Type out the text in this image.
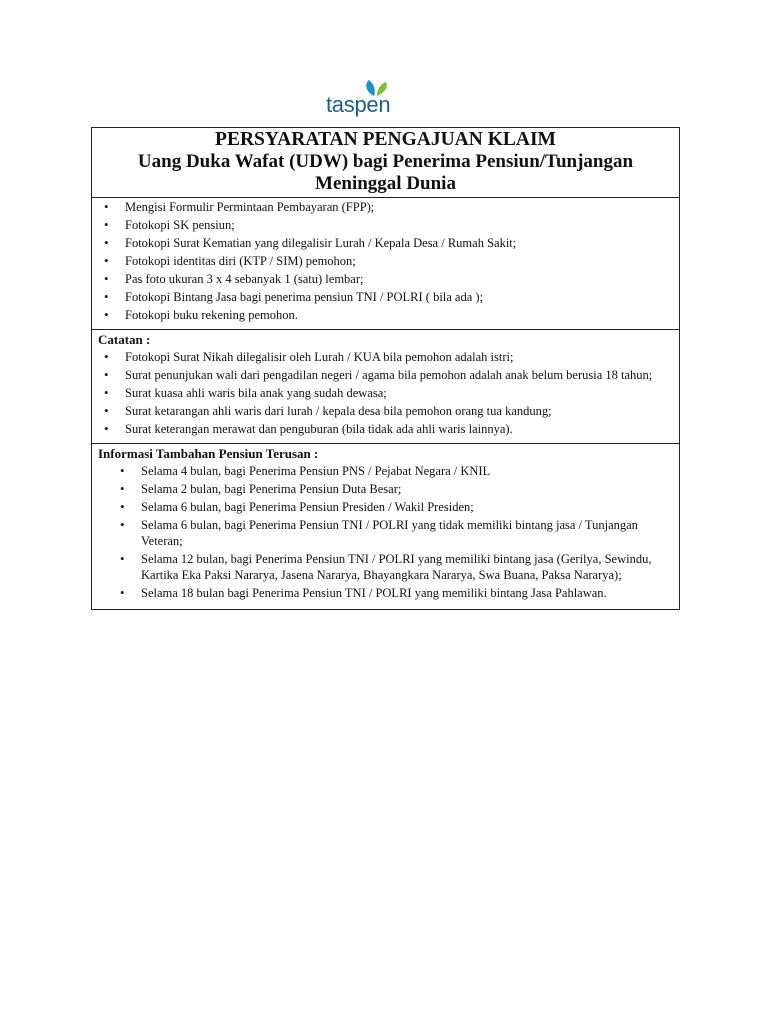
taspen
PERSYARATAN PENGAJUAN KLAIM
Uang Duka Wafat (UDW) bagi Penerima Pensiun/Tunjangan
Meninggal Dunia
• Mengisi Formulir Permintaan Pembayaran (FPP);
• Fotokopi SK pensiun;
• Fotokopi Surat Kematian yang dilegalisir Lurah / Kepala Desa / Rumah Sakit;
• Fotokopi identitas diri (KTP / SIM) pemohon;
• Pas foto ukuran 3 x 4 sebanyak 1 (satu) lembar;
• Fotokopi Bintang Jasa bagi penerima pensiun TNI / POLRI ( bila ada );
• Fotokopi buku rekening pemohon.
Catatan :
• Fotokopi Surat Nikah dilegalisir oleh Lurah / KUA bila pemohon adalah istri;
• Surat penunjukan wali dari pengadilan negeri / agama bila pemohon adalah anak belum berusia 18 tahun;
• Surat kuasa ahli waris bila anak yang sudah dewasa;
• Surat ketarangan ahli waris dari lurah / kepala desa bila pemohon orang tua kandung;
• Surat keterangan merawat dan penguburan (bila tidak ada ahli waris lainnya).
Informasi Tambahan Pensiun Terusan :
• Selama 4 bulan, bagi Penerima Pensiun PNS / Pejabat Negara / KNIL
• Selama 2 bulan, bagi Penerima Pensiun Duta Besar;
• Selama 6 bulan, bagi Penerima Pensiun Presiden / Wakil Presiden;
• Selama 6 bulan, bagi Penerima Pensiun TNI / POLRI yang tidak memiliki bintang jasa / Tunjangan Veteran;
• Selama 12 bulan, bagi Penerima Pensiun TNI / POLRI yang memiliki bintang jasa (Gerilya, Sewindu, Kartika Eka Paksi Nararya, Jasena Nararya, Bhayangkara Nararya, Swa Buana, Paksa Nararya);
• Selama 18 bulan bagi Penerima Pensiun TNI / POLRI yang memiliki bintang Jasa Pahlawan.
